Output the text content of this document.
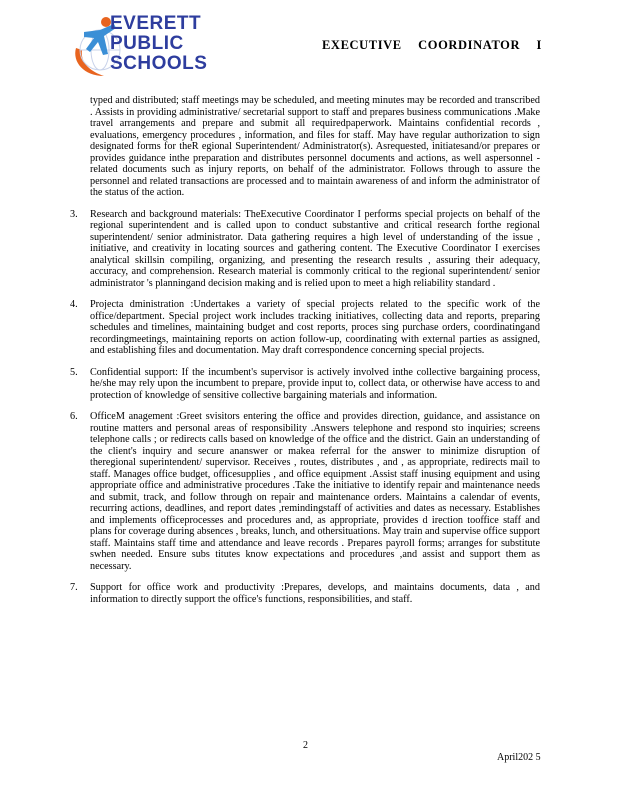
EVERETT
PUBLIC
SCHOOLS
EXECUTIVE COORDINATOR I

typed and distributed; staff meetings may be scheduled, and meeting minutes may be recorded and transcribed . Assists in providing administrative/ secretarial support to staff and prepares business communications .Make travel arrangements and prepare and submit all requiredpaperwork. Maintains confidential records , evaluations, emergency procedures , information, and files for staff. May have regular authorization to sign designated forms for theR egional Superintendent/ Administrator(s). Asrequested, initiatesand/or prepares or provides guidance inthe preparation and distributes personnel documents and actions, as well aspersonnel -related documents such as injury reports, on behalf of the administrator. Follows through to assure the personnel and related transactions are processed and to maintain awareness of and inform the administrator of the status of the action.

3.	Research and background materials: TheExecutive Coordinator I performs special projects on behalf of the regional superintendent and is called upon to conduct substantive and critical research forthe regional superintendent/ senior administrator. Data gathering requires a high level of understanding of the issue , initiative, and creativity in locating sources and gathering content. The Executive Coordinator I exercises analytical skillsin compiling, organizing, and presenting the research results , assuring their adequacy, accuracy, and comprehension. Research material is commonly critical to the regional superintendent/ senior administrator 's planningand decision making and is relied upon to meet a high reliability standard .

4.	Projecta dministration :Undertakes a variety of special projects related to the specific work of the office/department. Special project work includes tracking initiatives, collecting data and reports, preparing schedules and timelines, maintaining budget and cost reports, proces sing purchase orders, coordinatingand recordingmeetings, maintaining reports on action follow-up, coordinating with external parties as assigned, and establishing files and documentation. May draft correspondence concerning special projects.

5.	Confidential support: If the incumbent's supervisor is actively involved inthe collective bargaining process, he/she may rely upon the incumbent to prepare, provide input to, collect data, or otherwise have access to and protection of knowledge of sensitive collective bargaining materials and information.

6.	OfficeM anagement :Greet svisitors entering the office and provides direction, guidance, and assistance on routine matters and personal areas of responsibility .Answers telephone and respond sto inquiries; screens telephone calls ; or redirects calls based on knowledge of the office and the district. Gain an understanding of the client's inquiry and secure ananswer or makea referral for the answer to minimize disruption of theregional superintendent/ supervisor. Receives , routes, distributes , and , as appropriate, redirects mail to staff. Manages office budget, officesupplies , and office equipment .Assist staff inusing equipment and using appropriate office and administrative procedures .Take the initiative to identify repair and maintenance needs and submit, track, and follow through on repair and maintenance orders. Maintains a calendar of events, recurring actions, deadlines, and report dates ,remindingstaff of activities and dates as necessary. Establishes and implements officeprocesses and procedures and, as appropriate, provides d irection tooffice staff and plans for coverage during absences , breaks, lunch, and othersituations. May train and supervise office support staff. Maintains staff time and attendance and leave records . Prepares payroll forms; arranges for substitute swhen needed. Ensure subs titutes know expectations and procedures ,and assist and support them as necessary.

7.	Support for office work and productivity :Prepares, develops, and maintains documents, data , and information to directly support the office's functions, responsibilities, and staff.

2
April202 5
